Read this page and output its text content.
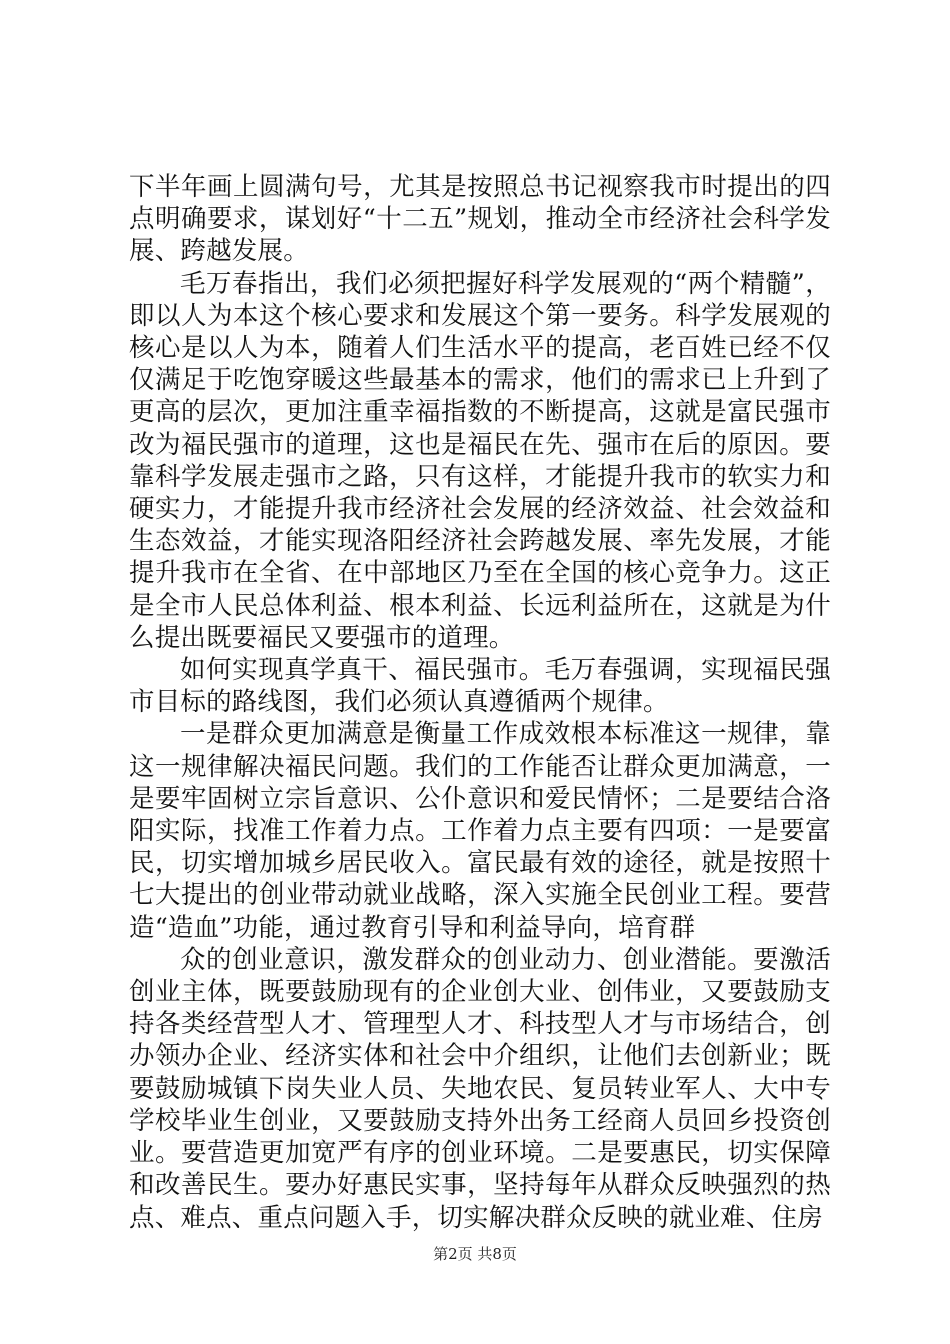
下半年画上圆满句号，尤其是按照总书记视察我市时提出的四点明确要求，谋划好“十二五”规划，推动全市经济社会科学发展、跨越发展。

毛万春指出，我们必须把握好科学发展观的“两个精髓”，即以人为本这个核心要求和发展这个第一要务。科学发展观的核心是以人为本，随着人们生活水平的提高，老百姓已经不仅仅满足于吃饱穿暖这些最基本的需求，他们的需求已上升到了更高的层次，更加注重幸福指数的不断提高，这就是富民强市改为福民强市的道理，这也是福民在先、强市在后的原因。要靠科学发展走强市之路，只有这样，才能提升我市的软实力和硬实力，才能提升我市经济社会发展的经济效益、社会效益和生态效益，才能实现洛阳经济社会跨越发展、率先发展，才能提升我市在全省、在中部地区乃至在全国的核心竞争力。这正是全市人民总体利益、根本利益、长远利益所在，这就是为什么提出既要福民又要强市的道理。

如何实现真学真干、福民强市。毛万春强调，实现福民强市目标的路线图，我们必须认真遵循两个规律。

一是群众更加满意是衡量工作成效根本标准这一规律，靠这一规律解决福民问题。我们的工作能否让群众更加满意，一是要牢固树立宗旨意识、公仆意识和爱民情怀；二是要结合洛阳实际，找准工作着力点。工作着力点主要有四项：一是要富民，切实增加城乡居民收入。富民最有效的途径，就是按照十七大提出的创业带动就业战略，深入实施全民创业工程。要营造“造血”功能，通过教育引导和利益导向，培育群

众的创业意识，激发群众的创业动力、创业潜能。要激活创业主体，既要鼓励现有的企业创大业、创伟业，又要鼓励支持各类经营型人才、管理型人才、科技型人才与市场结合，创办领办企业、经济实体和社会中介组织，让他们去创新业；既要鼓励城镇下岗失业人员、失地农民、复员转业军人、大中专学校毕业生创业，又要鼓励支持外出务工经商人员回乡投资创业。要营造更加宽严有序的创业环境。二是要惠民，切实保障和改善民生。要办好惠民实事，坚持每年从群众反映强烈的热点、难点、重点问题入手，切实解决群众反映的就业难、住房

第2页 共8页
